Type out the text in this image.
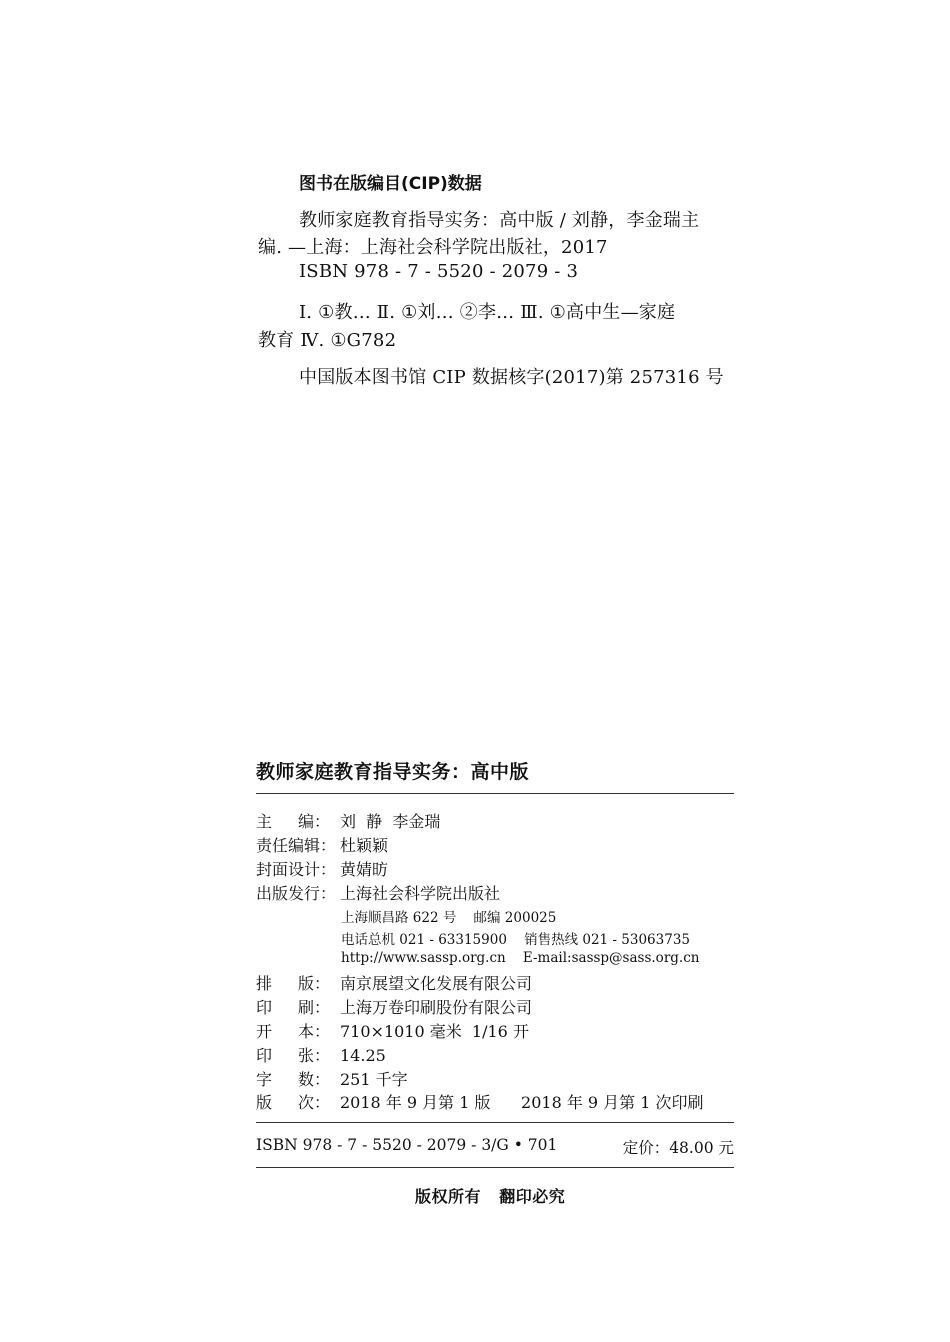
图书在版编目(CIP)数据
教师家庭教育指导实务：高中版 / 刘静，李金瑞主
编. —上海：上海社会科学院出版社，2017
ISBN 978 - 7 - 5520 - 2079 - 3
Ⅰ. ①教… Ⅱ. ①刘… ②李… Ⅲ. ①高中生—家庭
教育 Ⅳ. ①G782
中国版本图书馆 CIP 数据核字(2017)第 257316 号
教师家庭教育指导实务：高中版
主 编： 刘  静  李金瑞
责任编辑： 杜颖颖
封面设计： 黄婧昉
出版发行： 上海社会科学院出版社
上海顺昌路 622 号    邮编 200025
电话总机 021 - 63315900    销售热线 021 - 53063735
http://www.sassp.org.cn    E-mail:sassp@sass.org.cn
排 版： 南京展望文化发展有限公司
印 刷： 上海万卷印刷股份有限公司
开 本： 710×1010 毫米  1/16 开
印 张： 14.25
字 数： 251 千字
版 次： 2018 年 9 月第 1 版      2018 年 9 月第 1 次印刷
ISBN 978 - 7 - 5520 - 2079 - 3/G • 701	定价：48.00 元
版权所有   翻印必究
